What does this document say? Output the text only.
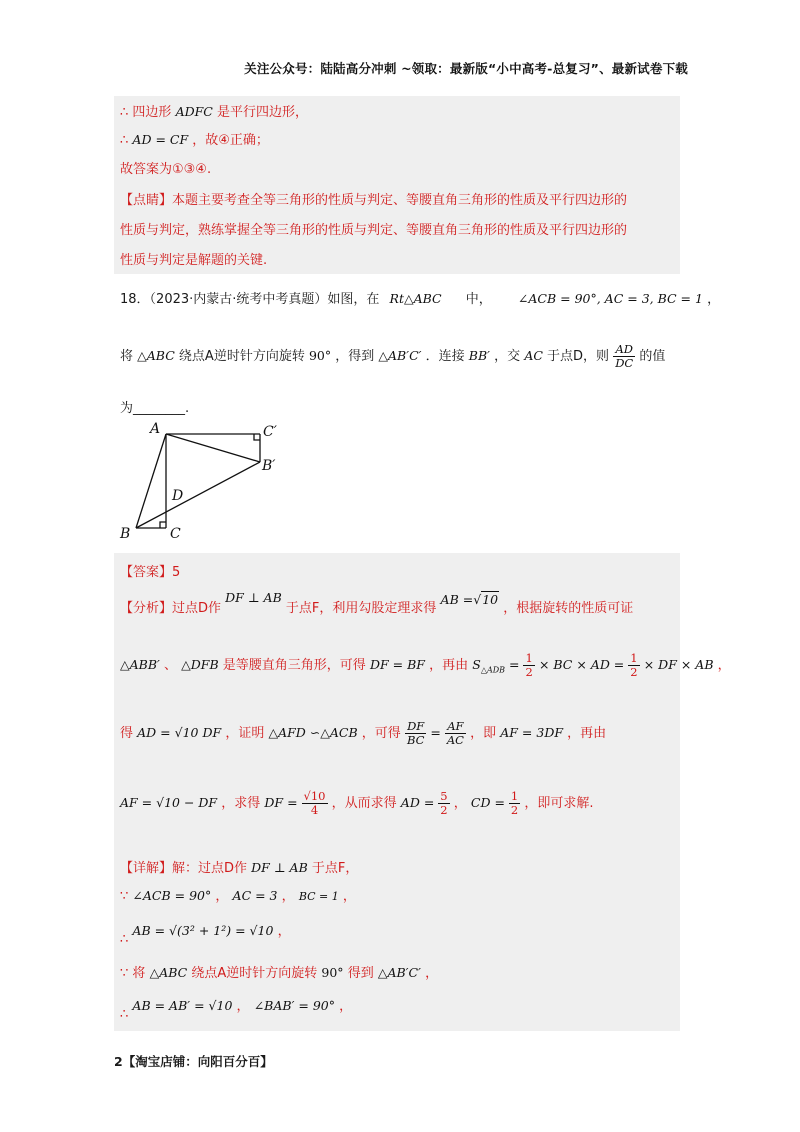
关注公众号：陆陆高分冲刺 ~领取：最新版“小中高考-总复习”、最新试卷下载
∴ 四边形 ADFC 是平行四边形，
∴ AD = CF ，故④正确；
故答案为①③④.
【点睛】本题主要考查全等三角形的性质与判定、等腰直角三角形的性质及平行四边形的
性质与判定，熟练掌握全等三角形的性质与判定、等腰直角三角形的性质及平行四边形的
性质与判定是解题的关键.
18．（2023·内蒙古·统考中考真题）如图，在 Rt△ABC 中， ∠ACB = 90°, AC = 3, BC = 1 ，
将 △ABC 绕点A逆时针方向旋转 90° ，得到 △AB′C′ ．连接 BB′ ，交 AC 于点D，则 $\frac{AD}{DC}$ 的值
为________.
A	C′
B′
D
B	C
【答案】5
【分析】过点D作 DF ⊥ AB 于点F，利用勾股定理求得 AB =√10 ，根据旋转的性质可证
△ABB′ 、 △DFB 是等腰直角三角形，可得 DF = BF ，再由 $S_{\triangle ADB} = \frac{1}{2}$ × BC × AD = $\frac{1}{2}$ × DF × AB ，
得 AD = √10 DF ，证明 △AFD ∽△ACB ，可得 $\frac{DF}{BC} = \frac{AF}{AC}$ ，即 AF = 3DF ，再由
AF = √10 − DF ，求得 DF = $\frac{√10}{4}$ ，从而求得 AD = $\frac{5}{2}$ ， CD = $\frac{1}{2}$ ，即可求解.
【详解】解：过点D作 DF ⊥ AB 于点F，
∵ ∠ACB = 90° ， AC = 3 ， BC = 1 ，
∴ AB = √(3² + 1²) = √10 ，
∵ 将 △ABC 绕点A逆时针方向旋转 90° 得到 △AB′C′ ，
∴ AB = AB′ = √10 ， ∠BAB′ = 90° ，
2【淘宝店铺：向阳百分百】
